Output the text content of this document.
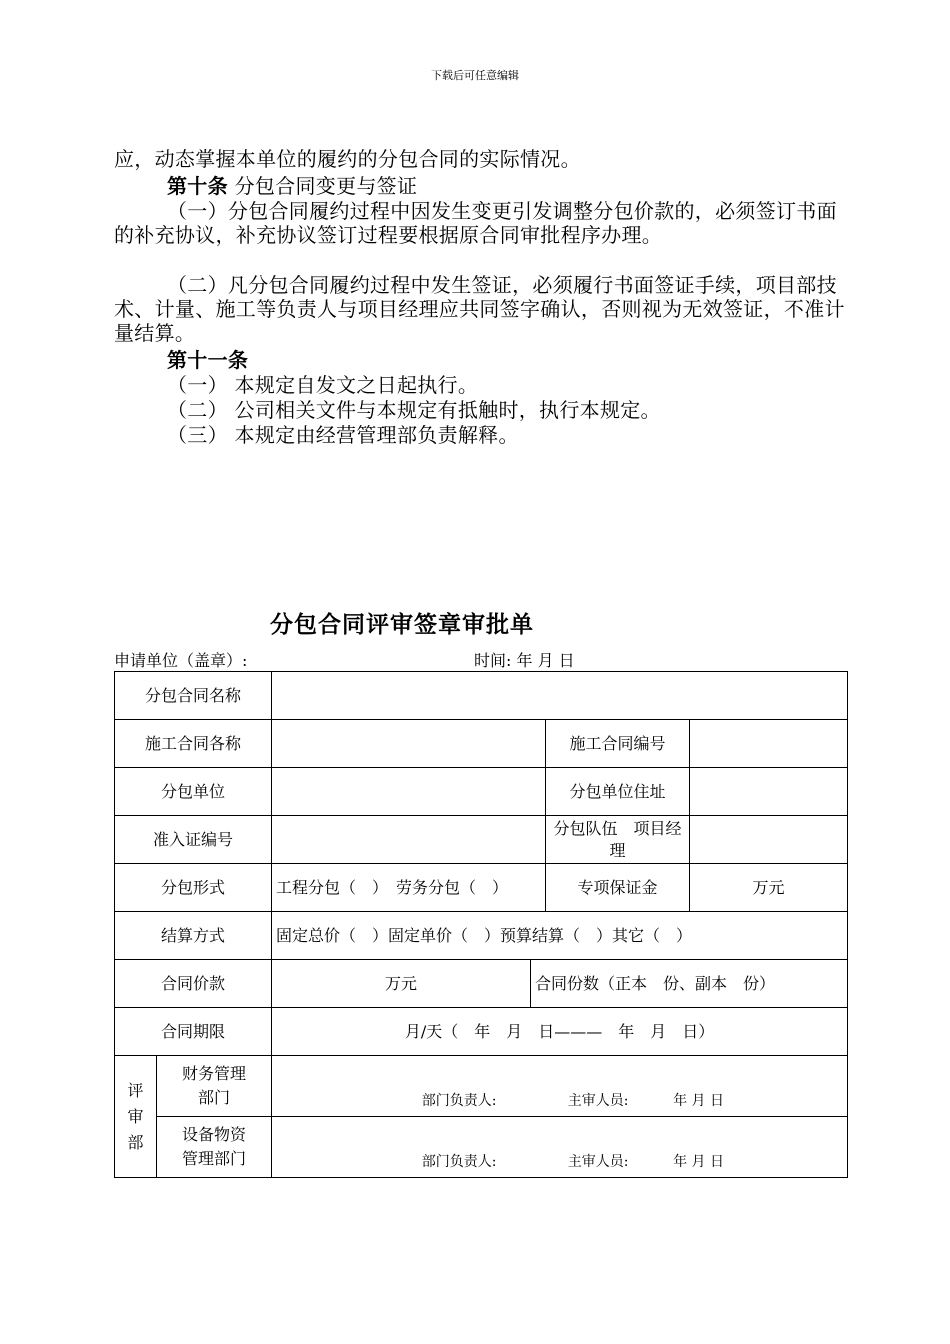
下载后可任意编辑
应，动态掌握本单位的履约的分包合同的实际情况。
第十条 分包合同变更与签证
（一）分包合同履约过程中因发生变更引发调整分包价款的，必须签订书面的补充协议，补充协议签订过程要根据原合同审批程序办理。
（二）凡分包合同履约过程中发生签证，必须履行书面签证手续，项目部技术、计量、施工等负责人与项目经理应共同签字确认，否则视为无效签证，不准计量结算。
第十一条
（一） 本规定自发文之日起执行。
（二） 公司相关文件与本规定有抵触时，执行本规定。
（三） 本规定由经营管理部负责解释。
分包合同评审签章审批单
申请单位（盖章）:	时间: 年 月 日
分包合同名称					
施工合同各称				施工合同编号	
分包单位				分包单位住址	
准入证编号				分包队伍　项目经理	
分包形式		工程分包（　）　劳务分包（　）		专项保证金	万元
结算方式		固定总价（　）固定单价（　）预算结算（　）其它（　）			
合同价款		万元	合同份数（正本　份、副本　份）		
合同期限		月/天（　年　月　日———　年　月　日）			
评审部	财务管理部门	部门负责人: 主审人员: 年 月 日			
	设备物资管理部门	部门负责人: 主审人员: 年 月 日			
